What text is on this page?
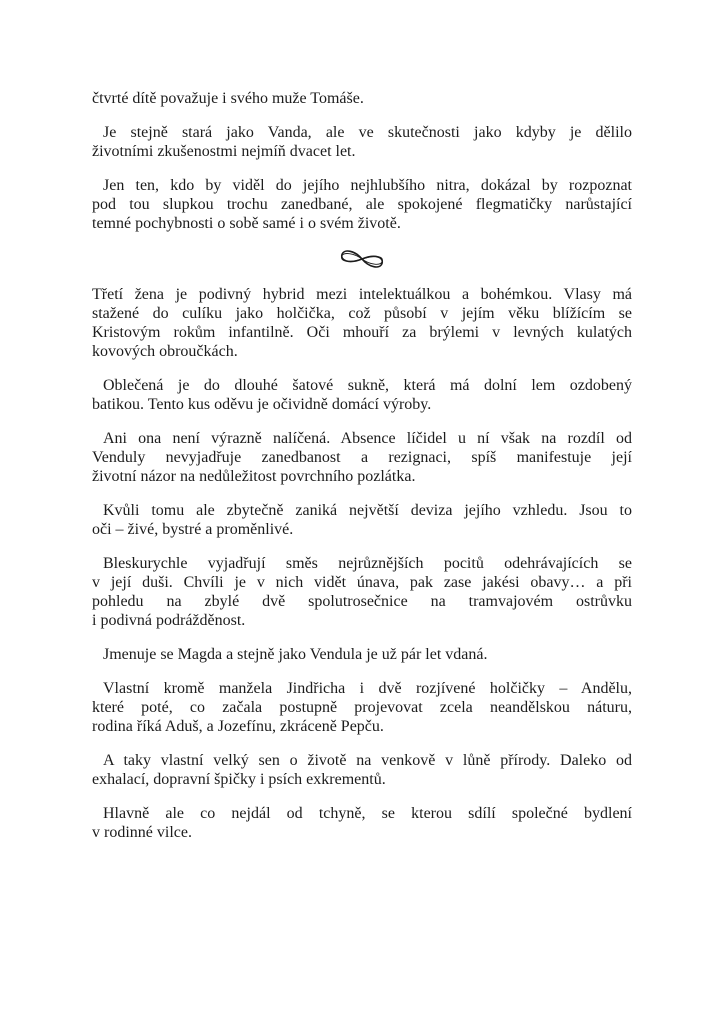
čtvrté dítě považuje i svého muže Tomáše.

Je stejně stará jako Vanda, ale ve skutečnosti jako kdyby je dělilo
životními zkušenostmi nejmíň dvacet let.

Jen ten, kdo by viděl do jejího nejhlubšího nitra, dokázal by rozpoznat
pod tou slupkou trochu zanedbané, ale spokojené flegmatičky narůstající
temné pochybnosti o sobě samé i o svém životě.

Třetí žena je podivný hybrid mezi intelektuálkou a bohémkou. Vlasy má
stažené do culíku jako holčička, což působí v jejím věku blížícím se
Kristovým rokům infantilně. Oči mhouří za brýlemi v levných kulatých
kovových obroučkách.

Oblečená je do dlouhé šatové sukně, která má dolní lem ozdobený
batikou. Tento kus oděvu je očividně domácí výroby.

Ani ona není výrazně nalíčená. Absence líčidel u ní však na rozdíl od
Venduly nevyjadřuje zanedbanost a rezignaci, spíš manifestuje její
životní názor na nedůležitost povrchního pozlátka.

Kvůli tomu ale zbytečně zaniká největší deviza jejího vzhledu. Jsou to
oči – živé, bystré a proměnlivé.

Bleskurychle vyjadřují směs nejrůznějších pocitů odehrávajících se
v její duši. Chvíli je v nich vidět únava, pak zase jakési obavy… a při
pohledu na zbylé dvě spolutrosečnice na tramvajovém ostrůvku
i podivná podrážděnost.

Jmenuje se Magda a stejně jako Vendula je už pár let vdaná.

Vlastní kromě manžela Jindřicha i dvě rozjívené holčičky – Andělu,
které poté, co začala postupně projevovat zcela neandělskou náturu,
rodina říká Aduš, a Jozefínu, zkráceně Pepču.

A taky vlastní velký sen o životě na venkově v lůně přírody. Daleko od
exhalací, dopravní špičky i psích exkrementů.

Hlavně ale co nejdál od tchyně, se kterou sdílí společné bydlení
v rodinné vilce.
